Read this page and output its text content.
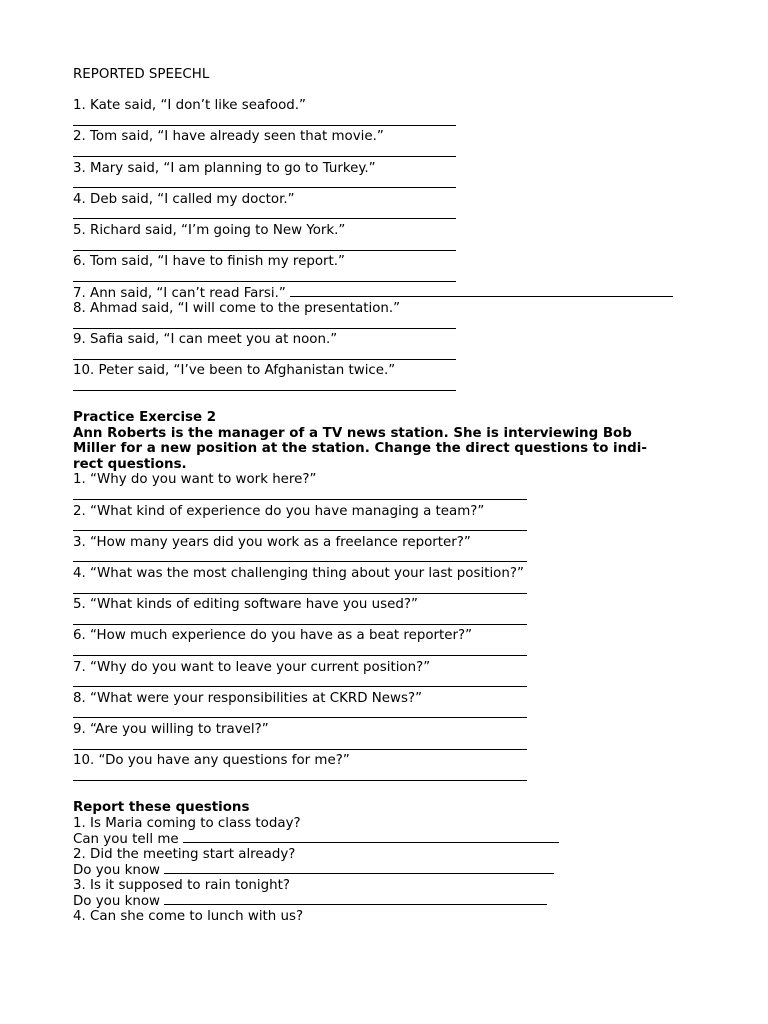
REPORTED SPEECHL
1. Kate said, “I don’t like seafood.”
2. Tom said, “I have already seen that movie.”
3. Mary said, “I am planning to go to Turkey.”
4. Deb said, “I called my doctor.”
5. Richard said, “I’m going to New York.”
6. Tom said, “I have to finish my report.”
7. Ann said, “I can’t read Farsi.”
8. Ahmad said, “I will come to the presentation.”
9. Safia said, “I can meet you at noon.”
10. Peter said, “I’ve been to Afghanistan twice.”
Practice Exercise 2
Ann Roberts is the manager of a TV news station. She is interviewing Bob
Miller for a new position at the station. Change the direct questions to indi-
rect questions.
1. “Why do you want to work here?”
2. “What kind of experience do you have managing a team?”
3. “How many years did you work as a freelance reporter?”
4. “What was the most challenging thing about your last position?”
5. “What kinds of editing software have you used?”
6. “How much experience do you have as a beat reporter?”
7. “Why do you want to leave your current position?”
8. “What were your responsibilities at CKRD News?”
9. “Are you willing to travel?”
10. “Do you have any questions for me?”
Report these questions
1. Is Maria coming to class today?
Can you tell me
2. Did the meeting start already?
Do you know
3. Is it supposed to rain tonight?
Do you know
4. Can she come to lunch with us?
